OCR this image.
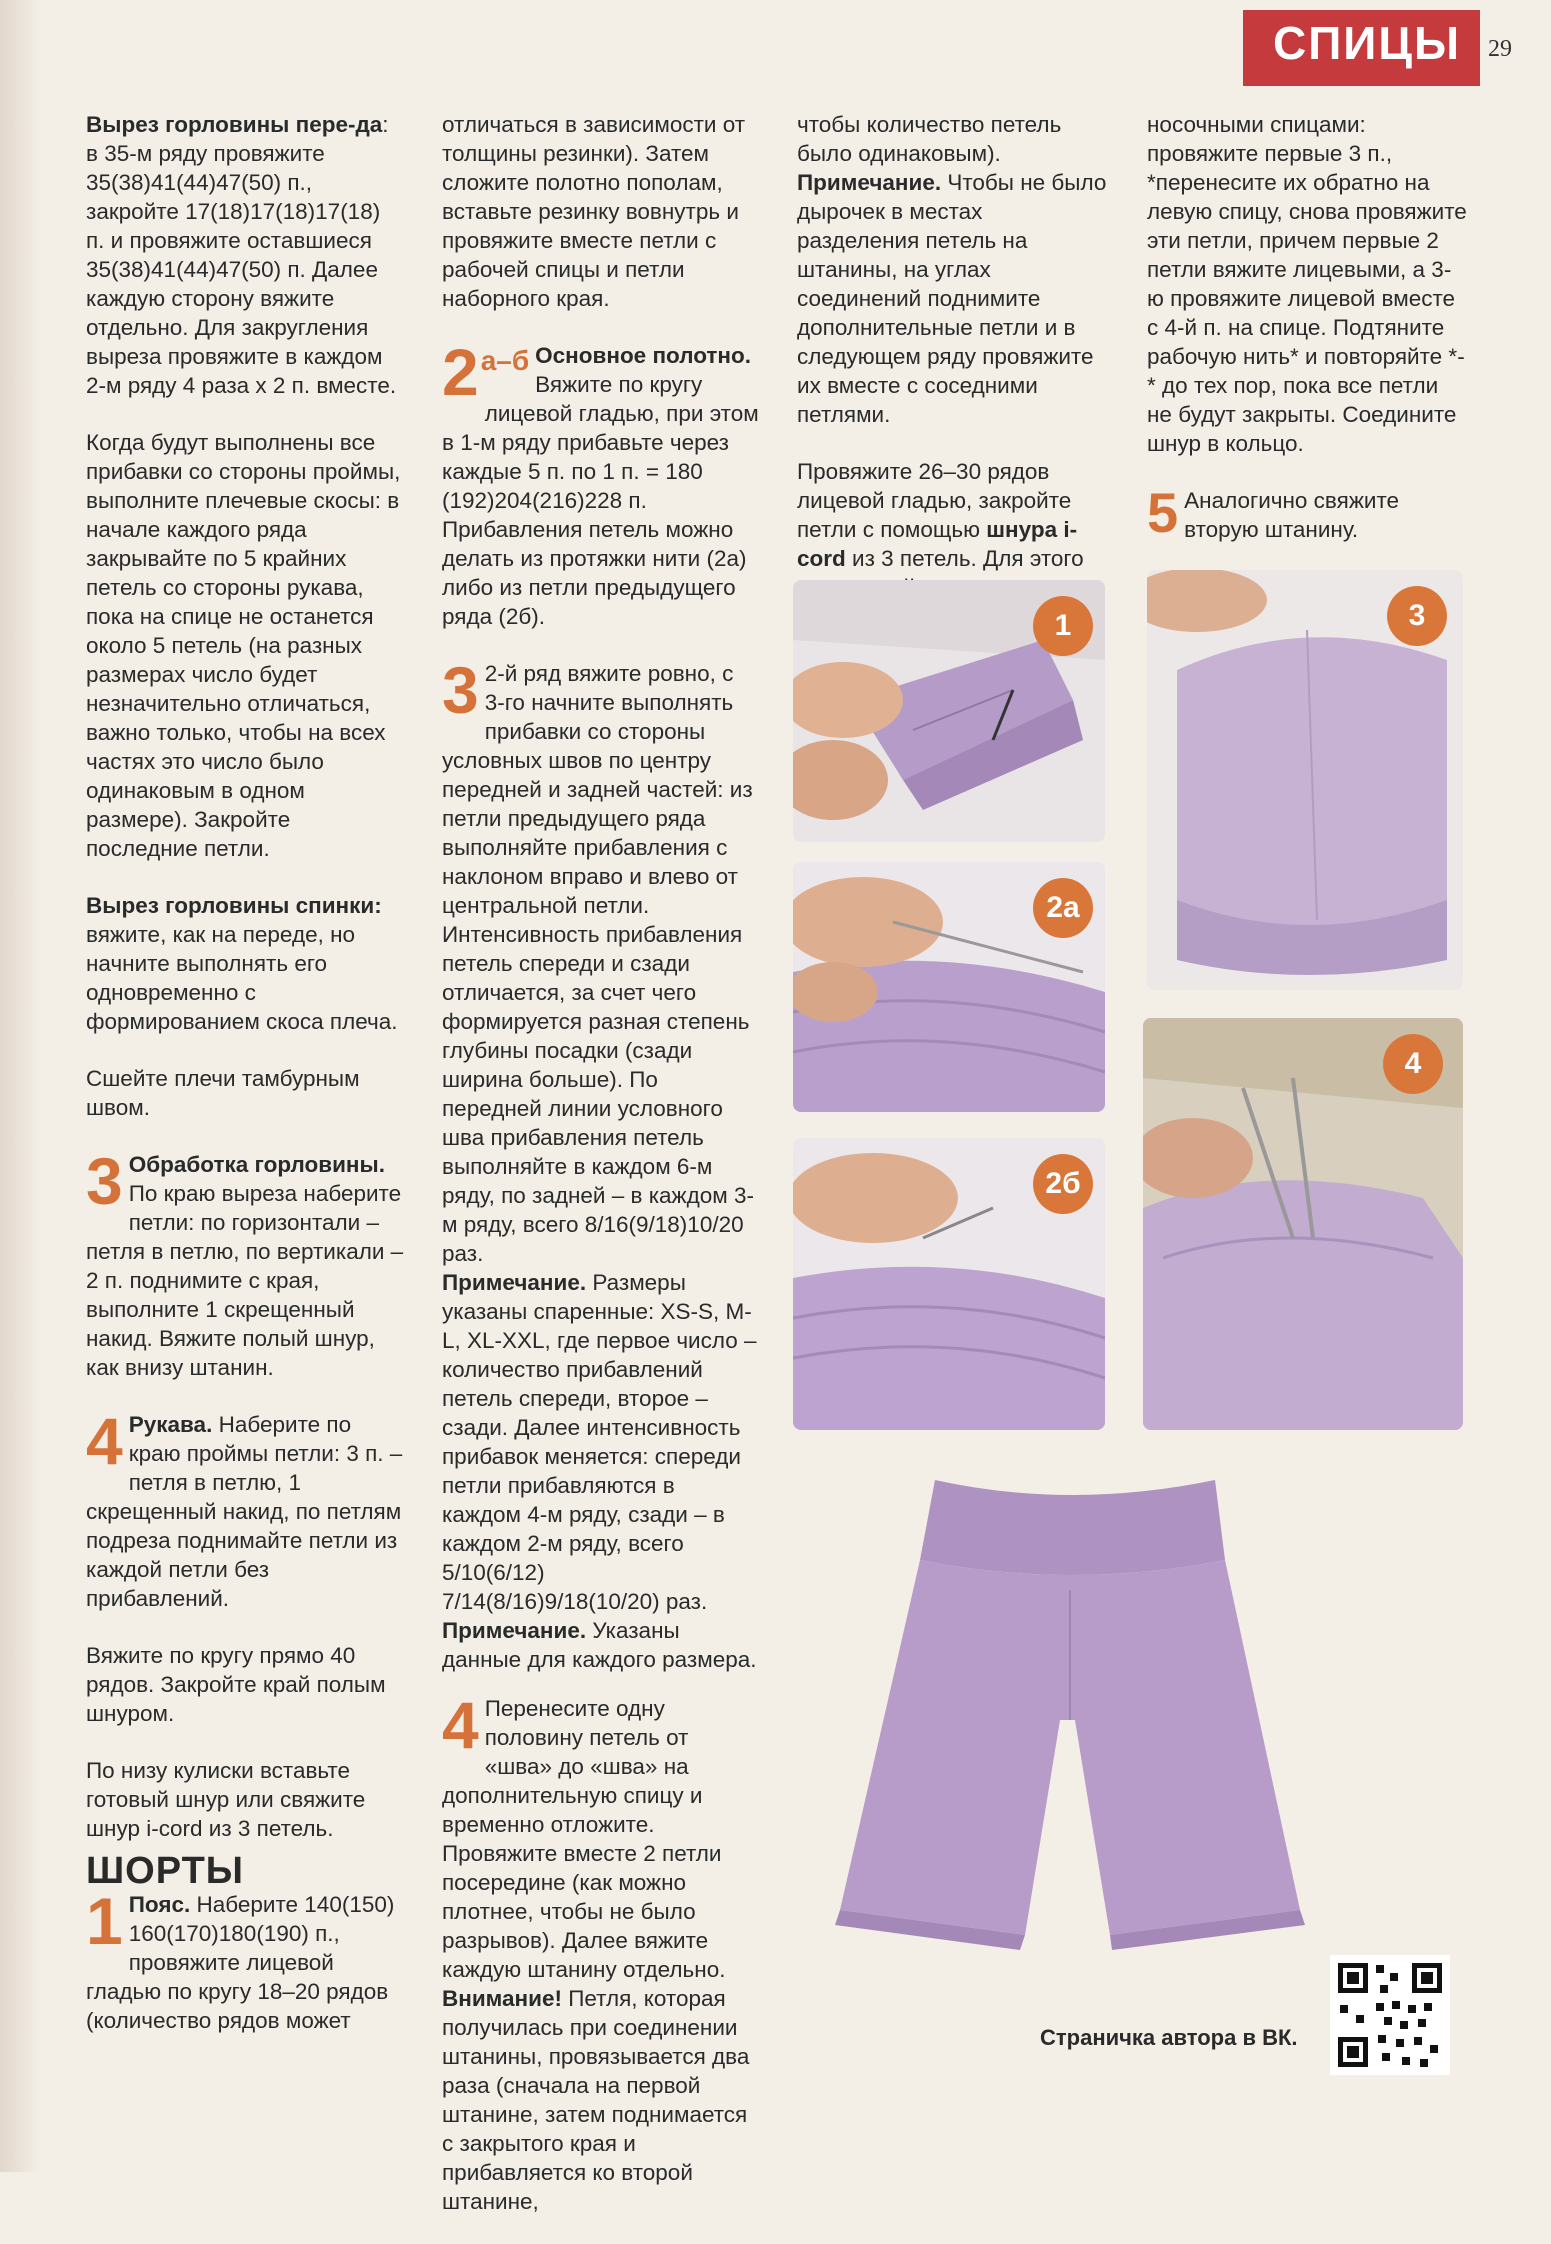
СПИЦЫ 29

Вырез горловины пере-да: в 35-м ряду провяжите 35(38)41(44)47(50) п., закройте 17(18)17(18)17(18) п. и провяжите оставшиеся 35(38)41(44)47(50) п. Далее каждую сторону вяжите отдельно. Для закругления выреза провяжите в каждом 2-м ряду 4 раза х 2 п. вместе.

Когда будут выполнены все прибавки со стороны проймы, выполните плечевые скосы: в начале каждого ряда закрывайте по 5 крайних петель со стороны рукава, пока на спице не останется около 5 петель (на разных размерах число будет незначительно отличаться, важно только, чтобы на всех частях это число было одинаковым в одном размере). Закройте последние петли.

Вырез горловины спинки: вяжите, как на переде, но начните выполнять его одновременно с формированием скоса плеча.

Сшейте плечи тамбурным швом.

3 Обработка горловины. По краю выреза наберите петли: по горизонтали – петля в петлю, по вертикали – 2 п. поднимите с края, выполните 1 скрещенный накид. Вяжите полый шнур, как внизу штанин.

4 Рукава. Наберите по краю проймы петли: 3 п. – петля в петлю, 1 скрещенный накид, по петлям подреза поднимайте петли из каждой петли без прибавлений.

Вяжите по кругу прямо 40 рядов. Закройте край полым шнуром.

По низу кулиски вставьте готовый шнур или свяжите шнур i-cord из 3 петель.

ШОРТЫ

1 Пояс. Наберите 140(150) 160(170)180(190) п., провяжите лицевой гладью по кругу 18–20 рядов (количество рядов может

отличаться в зависимости от толщины резинки). Затем сложите полотно пополам, вставьте резинку вовнутрь и провяжите вместе петли с рабочей спицы и петли наборного края.

2 а–б Основное полотно. Вяжите по кругу лицевой гладью, при этом в 1-м ряду прибавьте через каждые 5 п. по 1 п. = 180 (192)204(216)228 п. Прибавления петель можно делать из протяжки нити (2а) либо из петли предыдущего ряда (2б).

3 2-й ряд вяжите ровно, с 3-го начните выполнять прибавки со стороны условных швов по центру передней и задней частей: из петли предыдущего ряда выполняйте прибавления с наклоном вправо и влево от центральной петли. Интенсивность прибавления петель спереди и сзади отличается, за счет чего формируется разная степень глубины посадки (сзади ширина больше). По передней линии условного шва прибавления петель выполняйте в каждом 6-м ряду, по задней – в каждом 3-м ряду, всего 8/16(9/18)10/20 раз.

Примечание. Размеры указаны спаренные: XS-S, M-L, XL-XXL, где первое число – количество прибавлений петель спереди, второе – сзади. Далее интенсивность прибавок меняется: спереди петли прибавляются в каждом 4-м ряду, сзади – в каждом 2-м ряду, всего 5/10(6/12) 7/14(8/16)9/18(10/20) раз.

Примечание. Указаны данные для каждого размера.

4 Перенесите одну половину петель от «шва» до «шва» на дополнительную спицу и временно отложите. Провяжите вместе 2 петли посередине (как можно плотнее, чтобы не было разрывов). Далее вяжите каждую штанину отдельно. Внимание! Петля, которая получилась при соединении штанины, провязывается два раза (сначала на первой штанине, затем поднимается с закрытого края и прибавляется ко второй штанине,

чтобы количество петель было одинаковым). Примечание. Чтобы не было дырочек в местах разделения петель на штанины, на углах соединений поднимите дополнительные петли и в следующем ряду провяжите их вместе с соседними петлями.

Провяжите 26–30 рядов лицевой гладью, закройте петли с помощью шнура i-cord из 3 петель. Для этого

носочными спицами: провяжите первые 3 п., *перенесите их обратно на левую спицу, снова провяжите эти петли, причем первые 2 петли вяжите лицевыми, а 3-ю провяжите лицевой вместе с 4-й п. на спице. Подтяните рабочую нить* и повторяйте *-* до тех пор, пока все петли не будут закрыты. Соедините шнур в кольцо.

5 Аналогично свяжите вторую штанину.

1
2а
2б
3
4
Страничка автора в ВК.
